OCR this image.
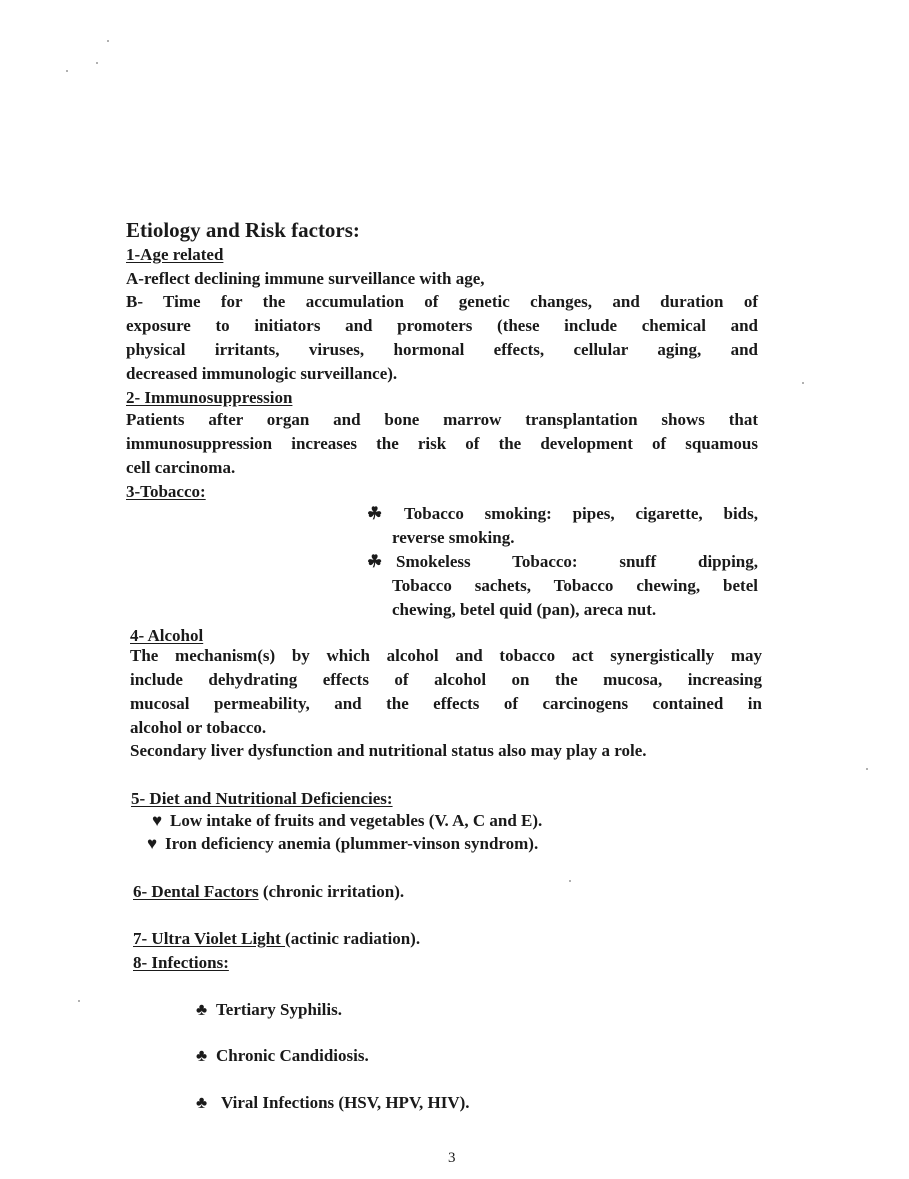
Etiology and Risk factors:
1-Age related
A-reflect declining immune surveillance with age,
B- Time for the accumulation of genetic changes, and duration of
exposure to initiators and promoters (these include chemical and
physical irritants, viruses, hormonal effects, cellular aging, and
decreased immunologic surveillance).
2- Immunosuppression
Patients after organ and bone marrow transplantation shows that
immunosuppression increases the risk of the development of squamous
cell carcinoma.
3-Tobacco:
☘ Tobacco smoking: pipes, cigarette, bids,
reverse smoking.
☘ Smokeless Tobacco: snuff dipping,
Tobacco sachets, Tobacco chewing, betel
chewing, betel quid (pan), areca nut.
4- Alcohol
The mechanism(s) by which alcohol and tobacco act synergistically may
include dehydrating effects of alcohol on the mucosa, increasing
mucosal permeability, and the effects of carcinogens contained in
alcohol or tobacco.
Secondary liver dysfunction and nutritional status also may play a role.
5- Diet and Nutritional Deficiencies:
♥ Low intake of fruits and vegetables (V. A, C and E).
♥ Iron deficiency anemia (plummer-vinson syndrom).
6- Dental Factors (chronic irritation).
7- Ultra Violet Light (actinic radiation).
8- Infections:
♣ Tertiary Syphilis.
♣ Chronic Candidiosis.
♣ Viral Infections (HSV, HPV, HIV).
3
